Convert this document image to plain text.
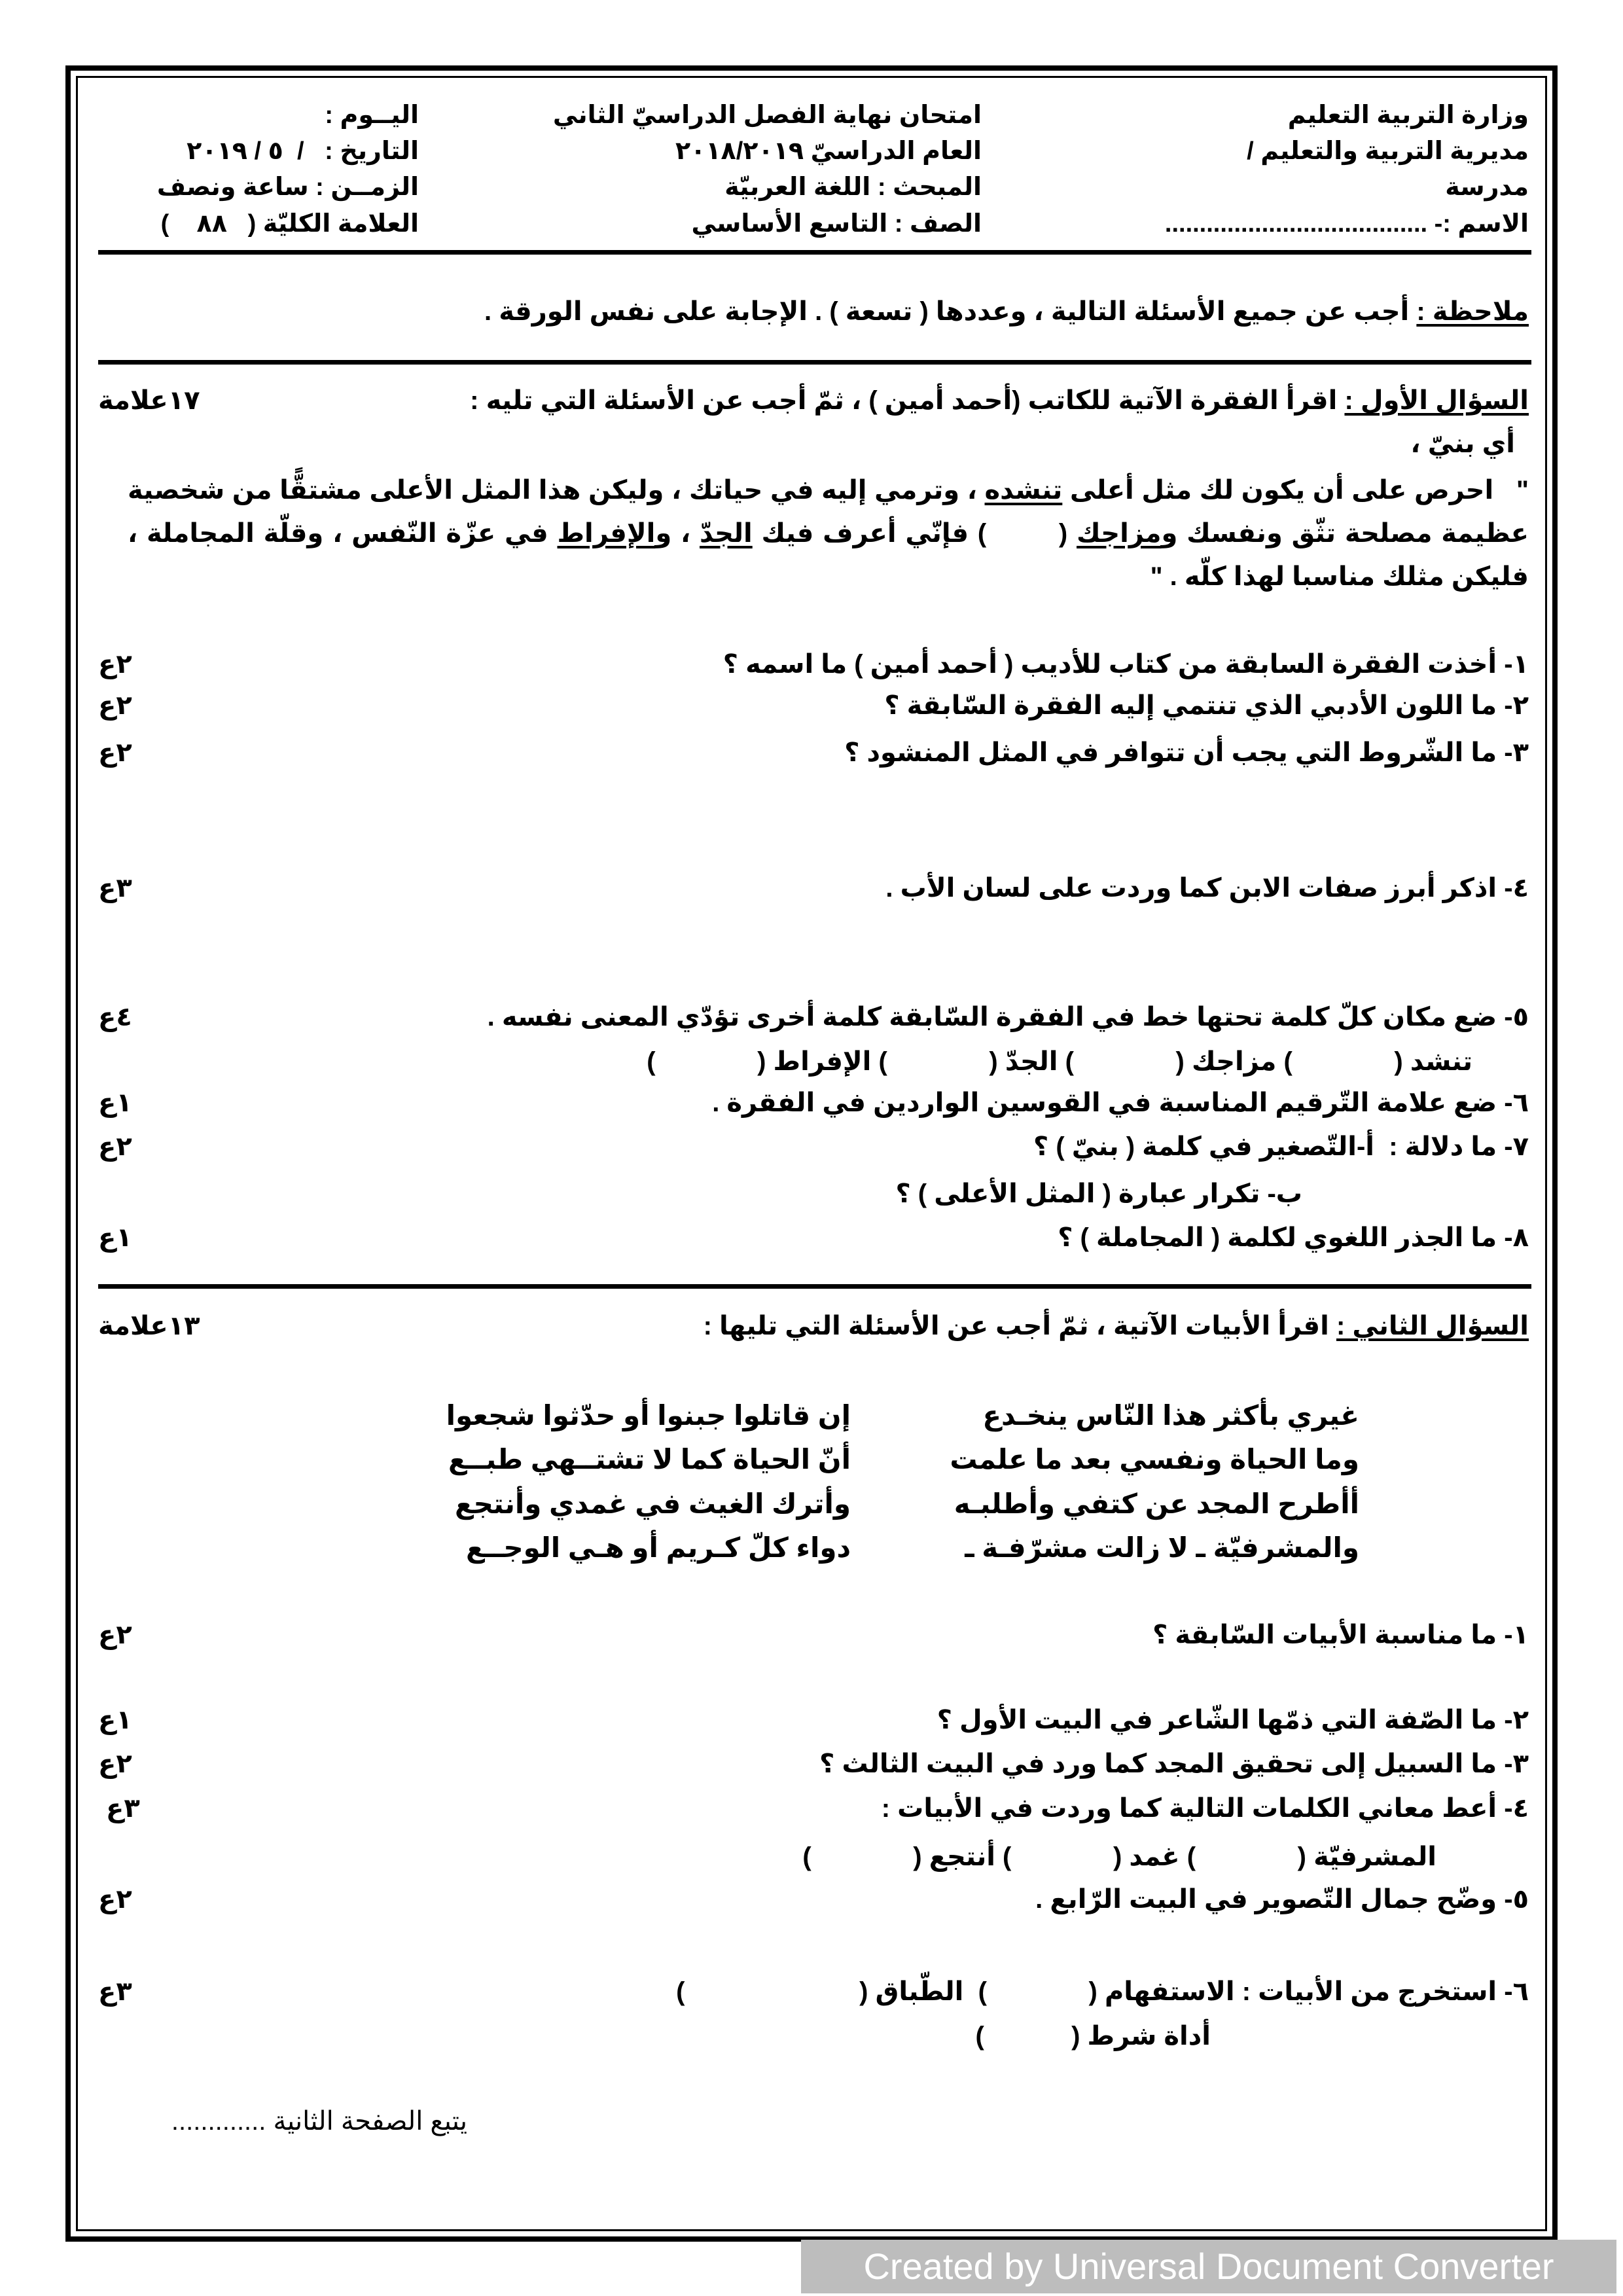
وزارة التربية التعليم
مديرية التربية والتعليم /
مدرسة
الاسم :- ......................................
امتحان نهاية الفصل الدراسيّ الثاني
العام الدراسيّ ٢٠١٨/٢٠١٩
المبحث : اللغة العربيّة
الصف : التاسع الأساسي
اليــوم :
التاريخ :   /  ٥ / ٢٠١٩
الزمــن : ساعة ونصف
العلامة الكليّة (   ٨٨    )
ملاحظة : أجب عن جميع الأسئلة التالية ، وعددها ( تسعة ) . الإجابة على نفس الورقة .
السؤال الأول : اقرأ الفقرة الآتية للكاتب (أحمد أمين ) ، ثمّ أجب عن الأسئلة التي تليه :
١٧علامة
أي بنيّ ،
"   احرص على أن يكون لك مثل أعلى تنشده ، وترمي إليه في حياتك ، وليكن هذا المثل الأعلى مشتقًّا من شخصية عظيمة مصلحة تثّق ونفسك ومزاجك (        ) فإنّي أعرف فيك الجدّ ، والإفراط في عزّة النّفس ، وقلّة المجاملة ، فليكن مثلك مناسبا لهذا كلّه . "
١- أخذت الفقرة السابقة من كتاب للأديب ( أحمد أمين ) ما اسمه ؟
٢ع
٢- ما اللون الأدبي الذي تنتمي إليه الفقرة السّابقة ؟
٢ع
٣- ما الشّروط التي يجب أن تتوافر في المثل المنشود ؟
٢ع
٤- اذكر أبرز صفات الابن كما وردت على لسان الأب .
٣ع
٥- ضع مكان كلّ كلمة تحتها خط في الفقرة السّابقة كلمة أخرى تؤدّي المعنى نفسه .
٤ع
تنشد (              ) مزاجك (              ) الجدّ (              ) الإفراط (              )
٦- ضع علامة التّرقيم المناسبة في القوسين الواردين في الفقرة .
١ع
٧- ما دلالة :  أ-التّصغير في كلمة ( بنيّ ) ؟
٢ع
ب- تكرار عبارة ( المثل الأعلى ) ؟
٨- ما الجذر اللغوي لكلمة ( المجاملة ) ؟
١ع
السؤال الثاني : اقرأ الأبيات الآتية ، ثمّ أجب عن الأسئلة التي تليها :
١٣علامة
غيري بأكثر هذا النّاس ينخـدع
إن قاتلوا جبنوا أو حدّثوا شجعوا
وما الحياة ونفسي بعد ما علمت
أنّ الحياة كما لا تشتــهي طبــع
أأطرح المجد عن كتفي وأطلبـه
وأترك الغيث في غمدي وأنتجع
والمشرفيّة ـ لا زالت مشرّفـة ـ
دواء كلّ كـريم أو هـي الوجــع
١- ما مناسبة الأبيات السّابقة ؟
٢ع
٢- ما الصّفة التي ذمّها الشّاعر في البيت الأول ؟
١ع
٣- ما السبيل إلى تحقيق المجد كما ورد في البيت الثالث ؟
٢ع
٤- أعط معاني الكلمات التالية كما وردت في الأبيات :
٣ع
المشرفيّة (              ) غمد (              ) أنتجع (              )
٥- وضّح جمال التّصوير في البيت الرّابع .
٢ع
٦- استخرج من الأبيات : الاستفهام (              )  الطّباق (                        )
٣ع
أداة شرط (            )
يتبع الصفحة الثانية .............
Created by Universal Document Converter
